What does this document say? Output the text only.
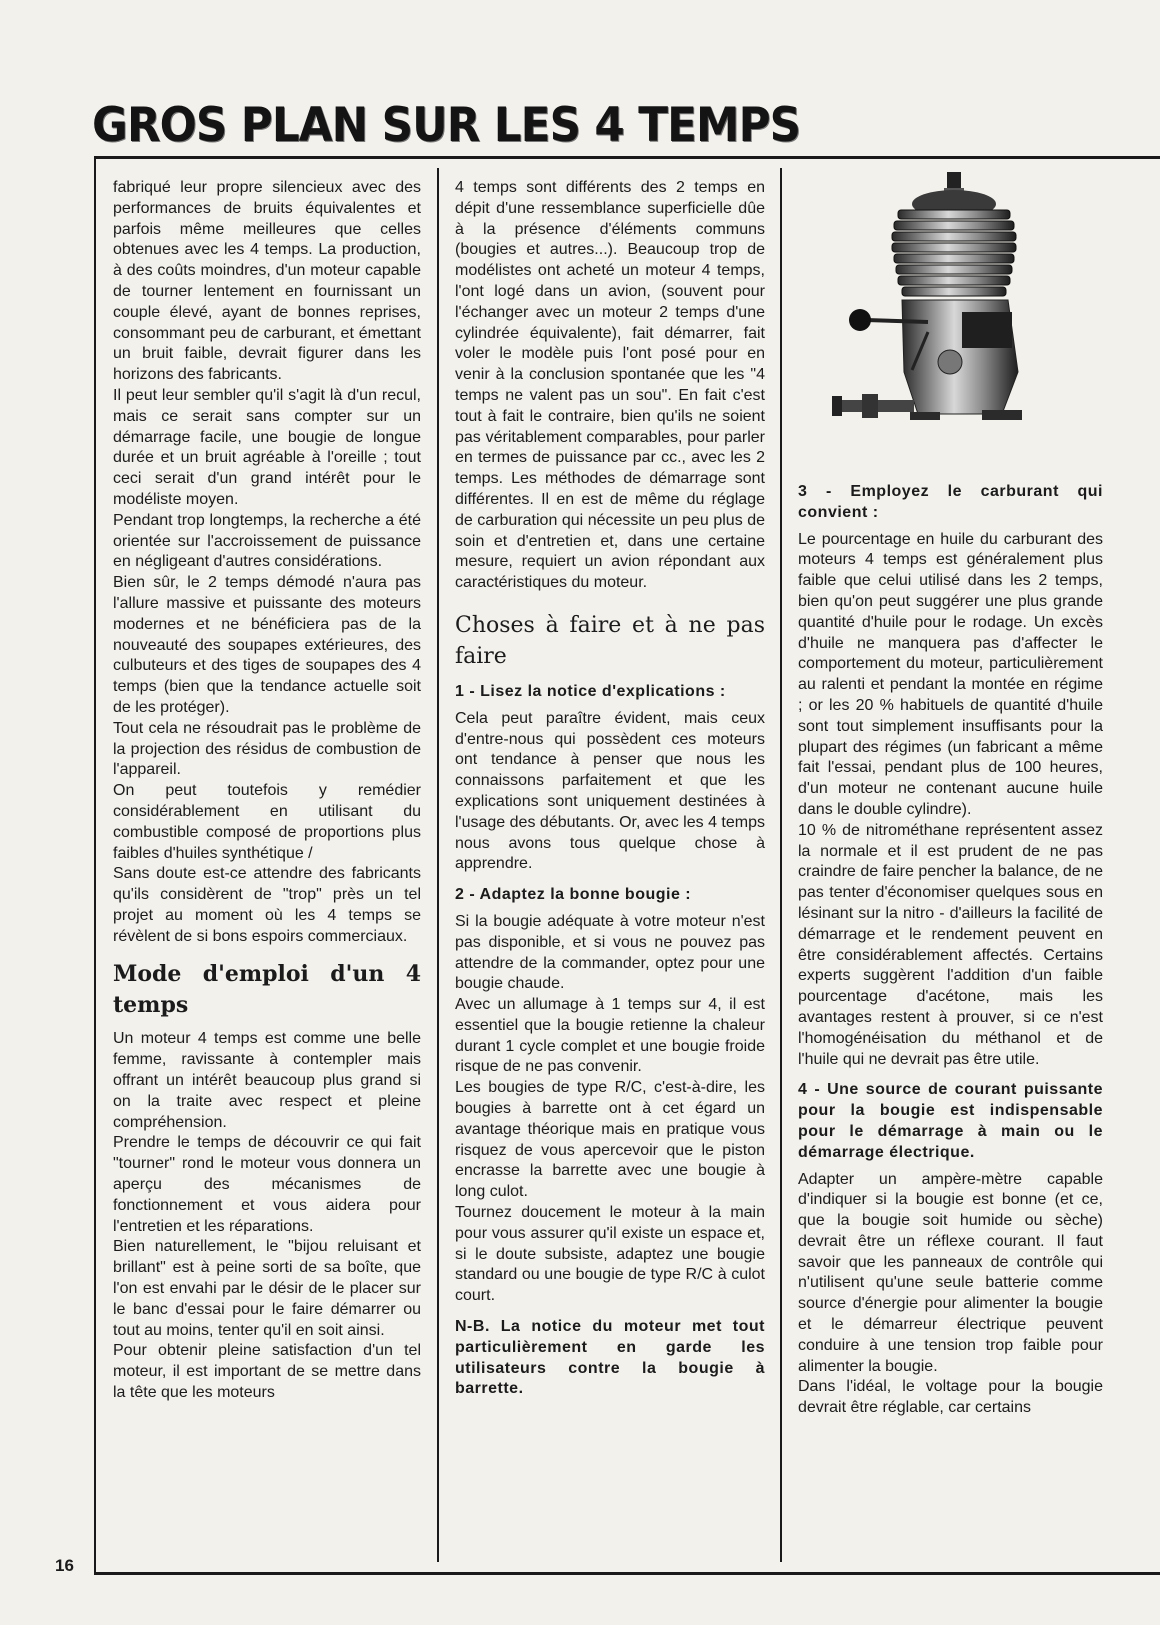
GROS PLAN SUR LES 4 TEMPS

fabriqué leur propre silencieux avec des performances de bruits équivalentes et parfois même meilleures que celles obtenues avec les 4 temps. La production, à des coûts moindres, d'un moteur capable de tourner lentement en fournissant un couple élevé, ayant de bonnes reprises, consommant peu de carburant, et émettant un bruit faible, devrait figurer dans les horizons des fabricants.

Il peut leur sembler qu'il s'agit là d'un recul, mais ce serait sans compter sur un démarrage facile, une bougie de longue durée et un bruit agréable à l'oreille ; tout ceci serait d'un grand intérêt pour le modéliste moyen.

Pendant trop longtemps, la recherche a été orientée sur l'accroissement de puissance en négligeant d'autres considérations.

Bien sûr, le 2 temps démodé n'aura pas l'allure massive et puissante des moteurs modernes et ne bénéficiera pas de la nouveauté des soupapes extérieures, des culbuteurs et des tiges de soupapes des 4 temps (bien que la tendance actuelle soit de les protéger).

Tout cela ne résoudrait pas le problème de la projection des résidus de combustion de l'appareil.

On peut toutefois y remédier considérablement en utilisant du combustible composé de proportions plus faibles d'huiles synthétique /

Sans doute est-ce attendre des fabricants qu'ils considèrent de "trop" près un tel projet au moment où les 4 temps se révèlent de si bons espoirs commerciaux.

Mode d'emploi d'un 4 temps

Un moteur 4 temps est comme une belle femme, ravissante à contempler mais offrant un intérêt beaucoup plus grand si on la traite avec respect et pleine compréhension.

Prendre le temps de découvrir ce qui fait "tourner" rond le moteur vous donnera un aperçu des mécanismes de fonctionnement et vous aidera pour l'entretien et les réparations.

Bien naturellement, le "bijou reluisant et brillant" est à peine sorti de sa boîte, que l'on est envahi par le désir de le placer sur le banc d'essai pour le faire démarrer ou tout au moins, tenter qu'il en soit ainsi.

Pour obtenir pleine satisfaction d'un tel moteur, il est important de se mettre dans la tête que les moteurs

4 temps sont différents des 2 temps en dépit d'une ressemblance superficielle dûe à la présence d'éléments communs (bougies et autres...). Beaucoup trop de modélistes ont acheté un moteur 4 temps, l'ont logé dans un avion, (souvent pour l'échanger avec un moteur 2 temps d'une cylindrée équivalente), fait démarrer, fait voler le modèle puis l'ont posé pour en venir à la conclusion spontanée que les "4 temps ne valent pas un sou". En fait c'est tout à fait le contraire, bien qu'ils ne soient pas véritablement comparables, pour parler en termes de puissance par cc., avec les 2 temps. Les méthodes de démarrage sont différentes. Il en est de même du réglage de carburation qui nécessite un peu plus de soin et d'entretien et, dans une certaine mesure, requiert un avion répondant aux caractéristiques du moteur.

Choses à faire et à ne pas faire
1 - Lisez la notice d'explications :

Cela peut paraître évident, mais ceux d'entre-nous qui possèdent ces moteurs ont tendance à penser que nous les connaissons parfaitement et que les explications sont uniquement destinées à l'usage des débutants. Or, avec les 4 temps nous avons tous quelque chose à apprendre.

2 - Adaptez la bonne bougie :

Si la bougie adéquate à votre moteur n'est pas disponible, et si vous ne pouvez pas attendre de la commander, optez pour une bougie chaude.

Avec un allumage à 1 temps sur 4, il est essentiel que la bougie retienne la chaleur durant 1 cycle complet et une bougie froide risque de ne pas convenir.

Les bougies de type R/C, c'est-à-dire, les bougies à barrette ont à cet égard un avantage théorique mais en pratique vous risquez de vous apercevoir que le piston encrasse la barrette avec une bougie à long culot.

Tournez doucement le moteur à la main pour vous assurer qu'il existe un espace et, si le doute subsiste, adaptez une bougie standard ou une bougie de type R/C à culot court.

N-B. La notice du moteur met tout particulièrement en garde les utilisateurs contre la bougie à barrette.

3 - Employez le carburant qui convient :

Le pourcentage en huile du carburant des moteurs 4 temps est généralement plus faible que celui utilisé dans les 2 temps, bien qu'on peut suggérer une plus grande quantité d'huile pour le rodage. Un excès d'huile ne manquera pas d'affecter le comportement du moteur, particulièrement au ralenti et pendant la montée en régime ; or les 20 % habituels de quantité d'huile sont tout simplement insuffisants pour la plupart des régimes (un fabricant a même fait l'essai, pendant plus de 100 heures, d'un moteur ne contenant aucune huile dans le double cylindre).

10 % de nitrométhane représentent assez la normale et il est prudent de ne pas craindre de faire pencher la balance, de ne pas tenter d'économiser quelques sous en lésinant sur la nitro - d'ailleurs la facilité de démarrage et le rendement peuvent en être considérablement affectés. Certains experts suggèrent l'addition d'un faible pourcentage d'acétone, mais les avantages restent à prouver, si ce n'est l'homogénéisation du méthanol et de l'huile qui ne devrait pas être utile.

4 - Une source de courant puissante pour la bougie est indispensable pour le démarrage à main ou le démarrage électrique.

Adapter un ampère-mètre capable d'indiquer si la bougie est bonne (et ce, que la bougie soit humide ou sèche) devrait être un réflexe courant. Il faut savoir que les panneaux de contrôle qui n'utilisent qu'une seule batterie comme source d'énergie pour alimenter la bougie et le démarreur électrique peuvent conduire à une tension trop faible pour alimenter la bougie.

Dans l'idéal, le voltage pour la bougie devrait être réglable, car certains

16
